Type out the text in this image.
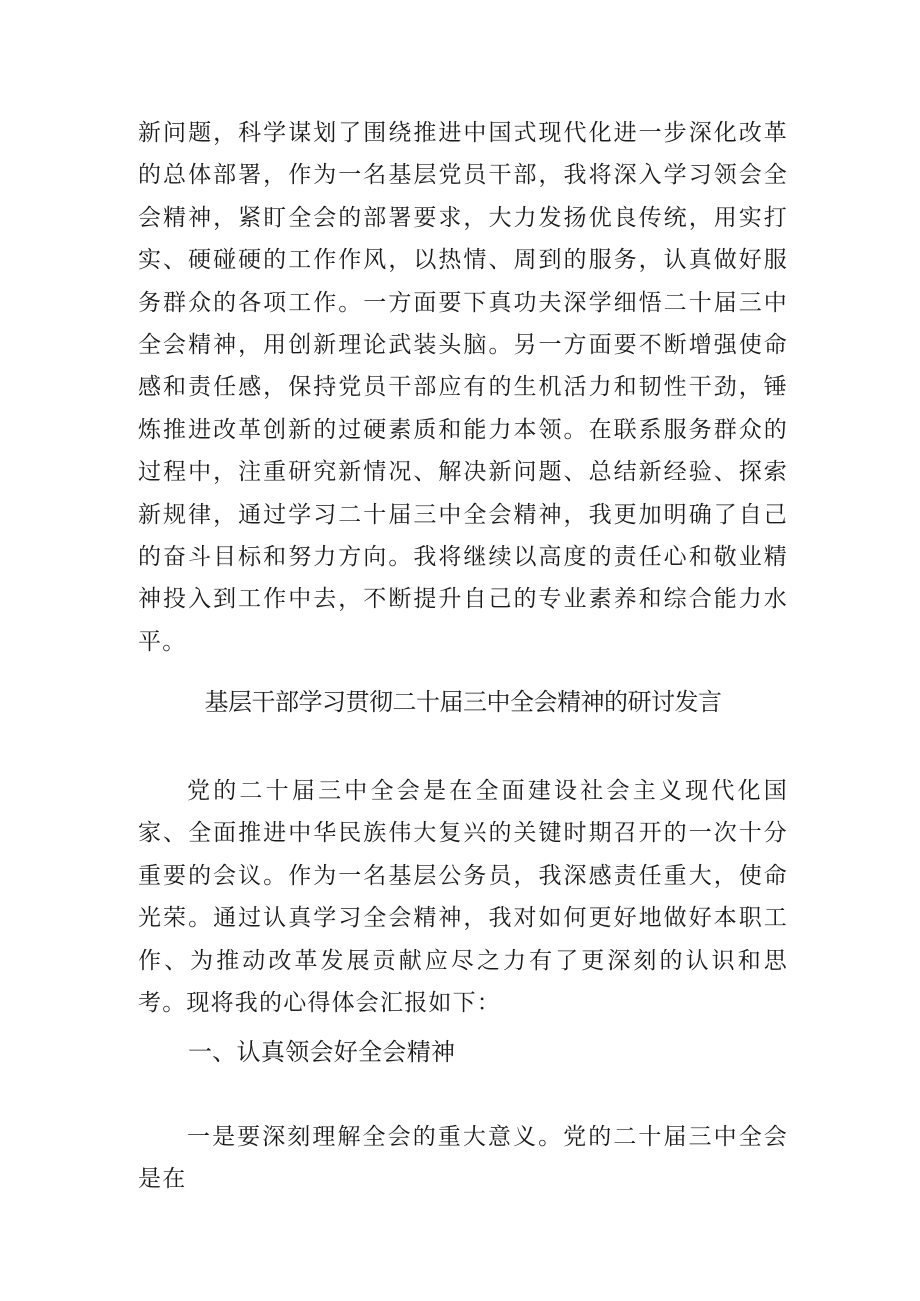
新问题，科学谋划了围绕推进中国式现代化进一步深化改革的总体部署，作为一名基层党员干部，我将深入学习领会全会精神，紧盯全会的部署要求，大力发扬优良传统，用实打实、硬碰硬的工作作风，以热情、周到的服务，认真做好服务群众的各项工作。一方面要下真功夫深学细悟二十届三中全会精神，用创新理论武装头脑。另一方面要不断增强使命感和责任感，保持党员干部应有的生机活力和韧性干劲，锤炼推进改革创新的过硬素质和能力本领。在联系服务群众的过程中，注重研究新情况、解决新问题、总结新经验、探索新规律，通过学习二十届三中全会精神，我更加明确了自己的奋斗目标和努力方向。我将继续以高度的责任心和敬业精神投入到工作中去，不断提升自己的专业素养和综合能力水平。

基层干部学习贯彻二十届三中全会精神的研讨发言

党的二十届三中全会是在全面建设社会主义现代化国家、全面推进中华民族伟大复兴的关键时期召开的一次十分重要的会议。作为一名基层公务员，我深感责任重大，使命光荣。通过认真学习全会精神，我对如何更好地做好本职工作、为推动改革发展贡献应尽之力有了更深刻的认识和思考。现将我的心得体会汇报如下：

一、认真领会好全会精神

一是要深刻理解全会的重大意义。党的二十届三中全会是在
